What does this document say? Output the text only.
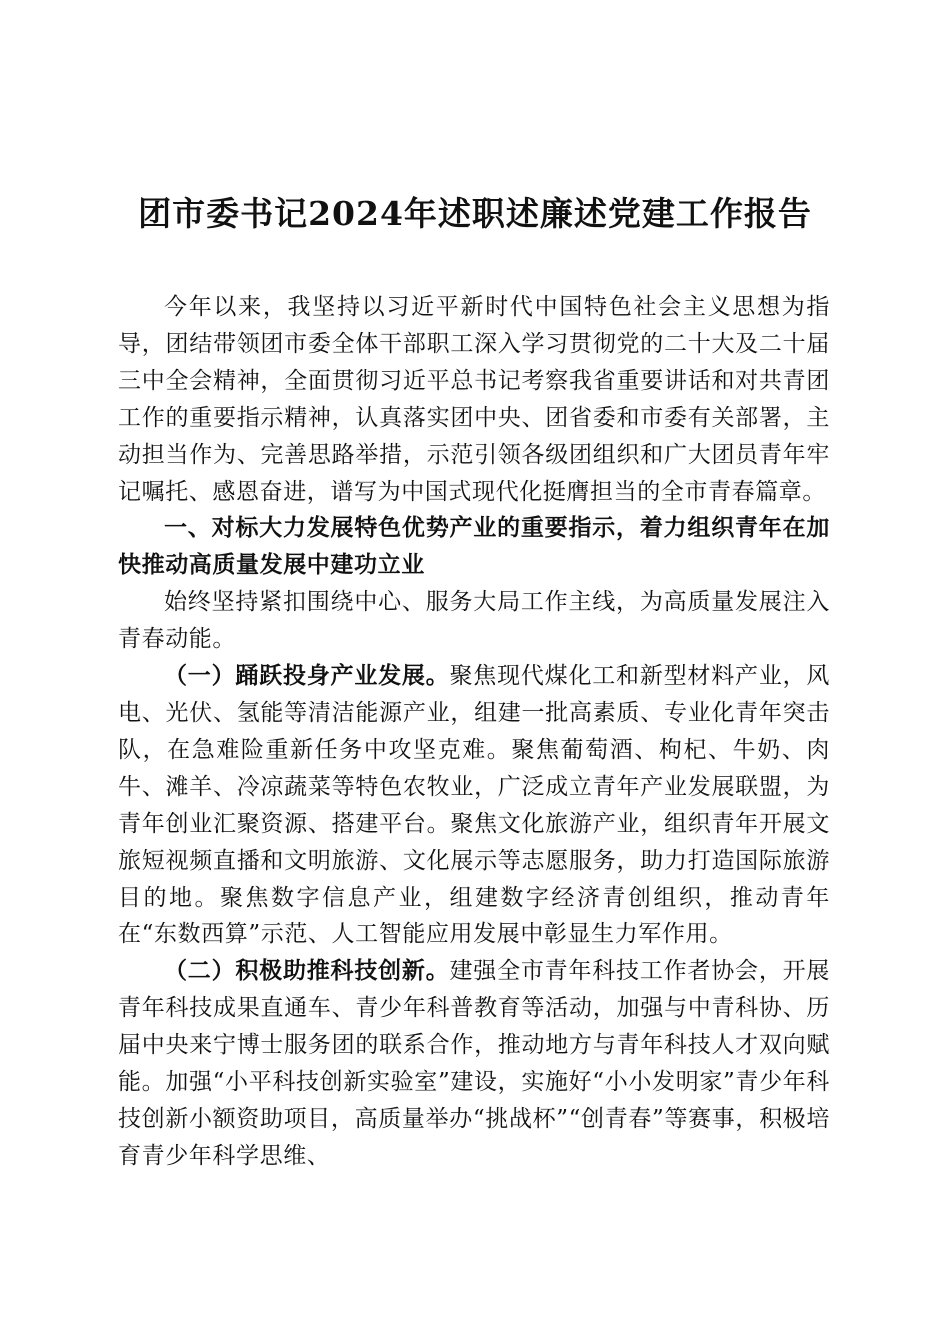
团市委书记2024年述职述廉述党建工作报告

今年以来，我坚持以习近平新时代中国特色社会主义思想为指导，团结带领团市委全体干部职工深入学习贯彻党的二十大及二十届三中全会精神，全面贯彻习近平总书记考察我省重要讲话和对共青团工作的重要指示精神，认真落实团中央、团省委和市委有关部署，主动担当作为、完善思路举措，示范引领各级团组织和广大团员青年牢记嘱托、感恩奋进，谱写为中国式现代化挺膺担当的全市青春篇章。

一、对标大力发展特色优势产业的重要指示，着力组织青年在加快推动高质量发展中建功立业

始终坚持紧扣围绕中心、服务大局工作主线，为高质量发展注入青春动能。

（一）踊跃投身产业发展。聚焦现代煤化工和新型材料产业，风电、光伏、氢能等清洁能源产业，组建一批高素质、专业化青年突击队，在急难险重新任务中攻坚克难。聚焦葡萄酒、枸杞、牛奶、肉牛、滩羊、冷凉蔬菜等特色农牧业，广泛成立青年产业发展联盟，为青年创业汇聚资源、搭建平台。聚焦文化旅游产业，组织青年开展文旅短视频直播和文明旅游、文化展示等志愿服务，助力打造国际旅游目的地。聚焦数字信息产业，组建数字经济青创组织，推动青年在“东数西算”示范、人工智能应用发展中彰显生力军作用。

（二）积极助推科技创新。建强全市青年科技工作者协会，开展青年科技成果直通车、青少年科普教育等活动，加强与中青科协、历届中央来宁博士服务团的联系合作，推动地方与青年科技人才双向赋能。加强“小平科技创新实验室”建设，实施好“小小发明家”青少年科技创新小额资助项目，高质量举办“挑战杯”“创青春”等赛事，积极培育青少年科学思维、
